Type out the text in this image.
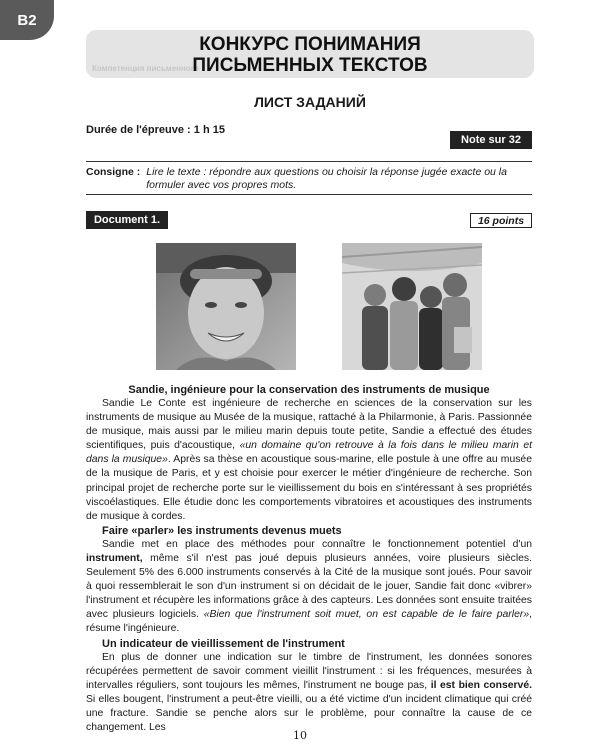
B2
Компетенция письменного
КОНКУРС ПОНИМАНИЯ
ПИСЬМЕННЫХ ТЕКСТОВ
ЛИСТ ЗАДАНИЙ
Durée de l'épreuve : 1 h 15
Note sur 32
Consigne : Lire le texte : répondre aux questions ou choisir la réponse jugée exacte ou la formuler avec vos propres mots.
Document 1.	16 points
Sandie, ingénieure pour la conservation des instruments de musique

Sandie Le Conte est ingénieure de recherche en sciences de la conservation sur les instruments de musique au Musée de la musique, rattaché à la Philarmonie, à Paris. Passionnée de musique, mais aussi par le milieu marin depuis toute petite, Sandie a effectué des études scientifiques, puis d'acoustique, «un domaine qu'on retrouve à la fois dans le milieu marin et dans la musique». Après sa thèse en acoustique sous-marine, elle postule à une offre au musée de la musique de Paris, et y est choisie pour exercer le métier d'ingénieure de recherche. Son principal projet de recherche porte sur le vieillissement du bois en s'intéressant à ses propriétés viscoélastiques. Elle étudie donc les comportements vibratoires et acoustiques des instruments de musique à cordes.

Faire «parler» les instruments devenus muets

Sandie met en place des méthodes pour connaître le fonctionnement potentiel d'un instrument, même s'il n'est pas joué depuis plusieurs années, voire plusieurs siècles. Seulement 5% des 6.000 instruments conservés à la Cité de la musique sont joués. Pour savoir à quoi ressemblerait le son d'un instrument si on décidait de le jouer, Sandie fait donc «vibrer» l'instrument et récupère les informations grâce à des capteurs. Les données sont ensuite traitées avec plusieurs logiciels. «Bien que l'instrument soit muet, on est capable de le faire parler», résume l'ingénieure.

Un indicateur de vieillissement de l'instrument

En plus de donner une indication sur le timbre de l'instrument, les données sonores récupérées permettent de savoir comment vieillit l'instrument : si les fréquences, mesurées à intervalles réguliers, sont toujours les mêmes, l'instrument ne bouge pas, il est bien conservé. Si elles bougent, l'instrument a peut-être vieilli, ou a été victime d'un incident climatique qui créé une fracture. Sandie se penche alors sur le problème, pour connaître la cause de ce changement. Les

10
